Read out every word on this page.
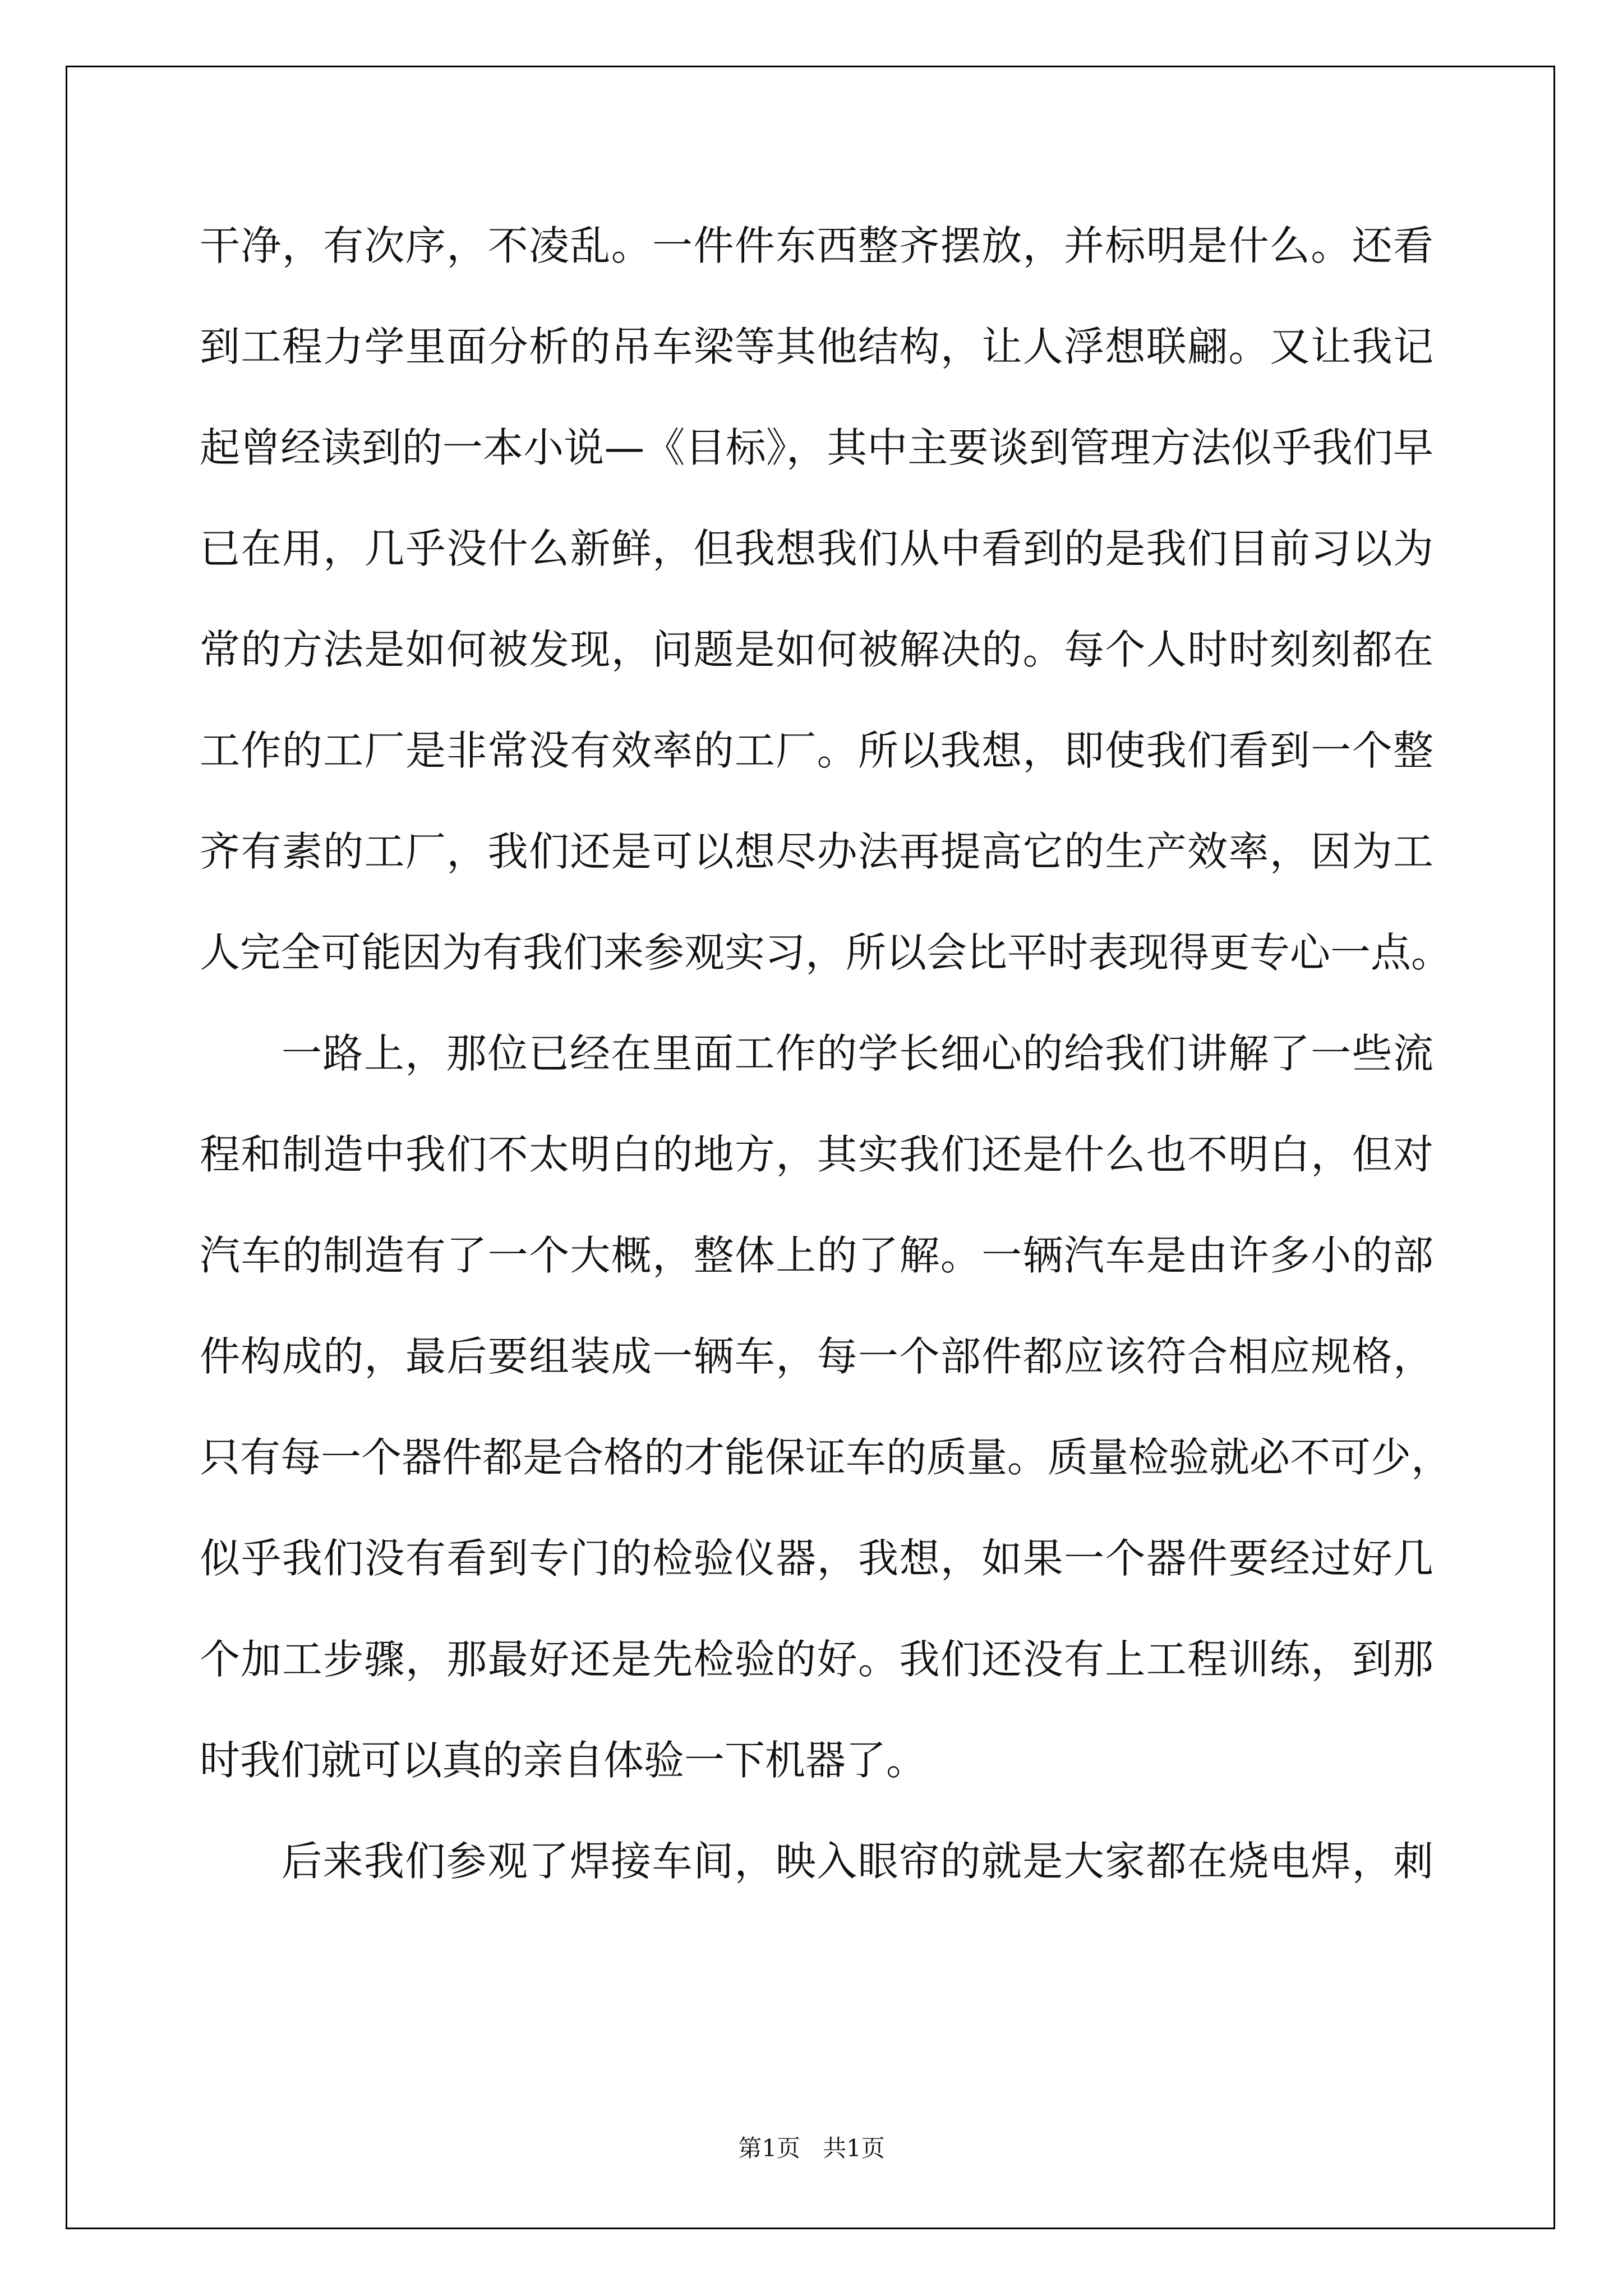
干净，有次序，不凌乱。一件件东西整齐摆放，并标明是什么。还看
到工程力学里面分析的吊车梁等其他结构，让人浮想联翩。又让我记
起曾经读到的一本小说—《目标》，其中主要谈到管理方法似乎我们早
已在用，几乎没什么新鲜，但我想我们从中看到的是我们目前习以为
常的方法是如何被发现，问题是如何被解决的。每个人时时刻刻都在
工作的工厂是非常没有效率的工厂。所以我想，即使我们看到一个整
齐有素的工厂，我们还是可以想尽办法再提高它的生产效率，因为工
人完全可能因为有我们来参观实习，所以会比平时表现得更专心一点。
一路上，那位已经在里面工作的学长细心的给我们讲解了一些流
程和制造中我们不太明白的地方，其实我们还是什么也不明白，但对
汽车的制造有了一个大概，整体上的了解。一辆汽车是由许多小的部
件构成的，最后要组装成一辆车，每一个部件都应该符合相应规格，
只有每一个器件都是合格的才能保证车的质量。质量检验就必不可少，
似乎我们没有看到专门的检验仪器，我想，如果一个器件要经过好几
个加工步骤，那最好还是先检验的好。我们还没有上工程训练，到那
时我们就可以真的亲自体验一下机器了。
后来我们参观了焊接车间，映入眼帘的就是大家都在烧电焊，刺
第1页   共1页
